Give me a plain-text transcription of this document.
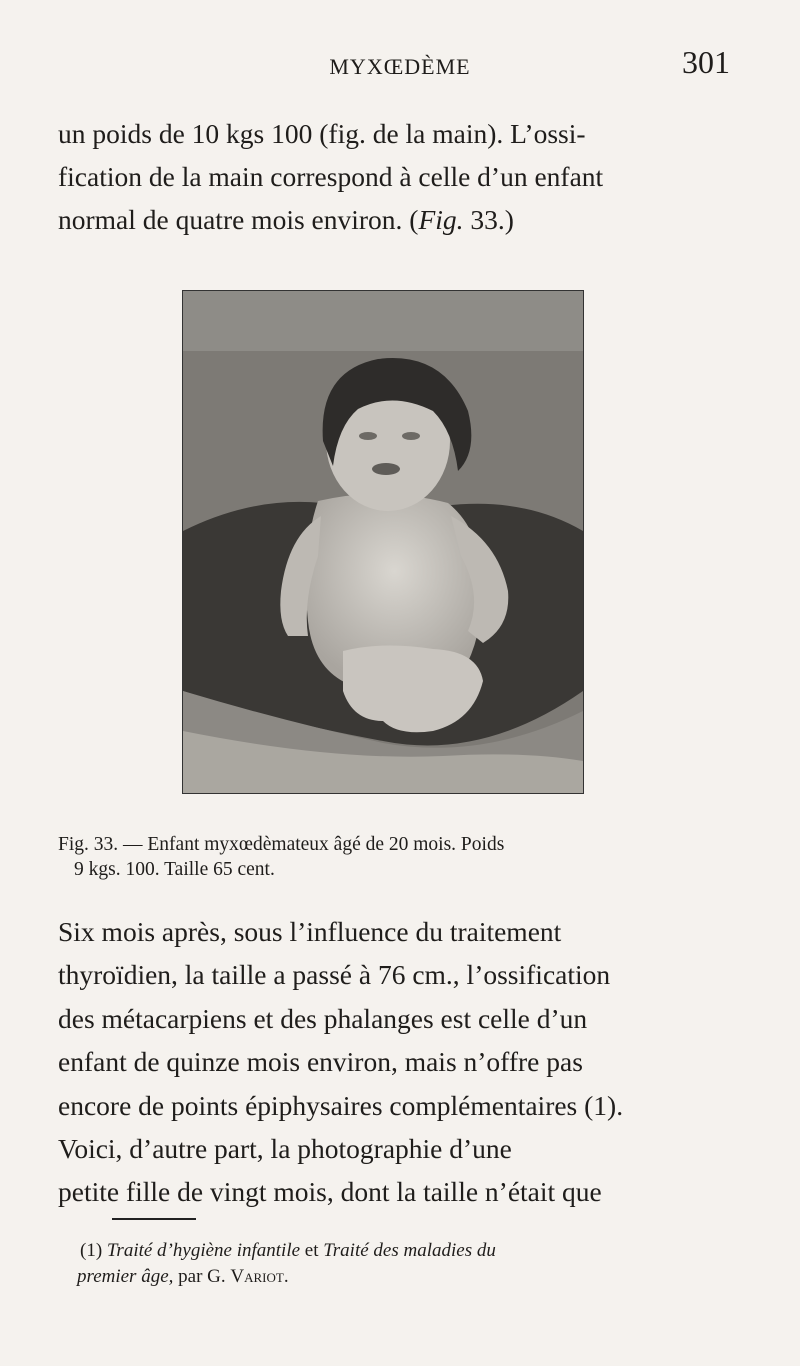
MYXŒDÈME	301
un poids de 10 kgs 100 (fig. de la main). L’ossi-
fication de la main correspond à celle d’un enfant
normal de quatre mois environ. (Fig. 33.)
Fig. 33. — Enfant myxœdèmateux âgé de 20 mois. Poids
9 kgs. 100. Taille 65 cent.
Six mois après, sous l’influence du traitement
thyroïdien, la taille a passé à 76 cm., l’ossification
des métacarpiens et des phalanges est celle d’un
enfant de quinze mois environ, mais n’offre pas
encore de points épiphysaires complémentaires (1).
Voici, d’autre part, la photographie d’une
petite fille de vingt mois, dont la taille n’était que
(1) Traité d’hygiène infantile et Traité des maladies du
premier âge, par G. Variot.
